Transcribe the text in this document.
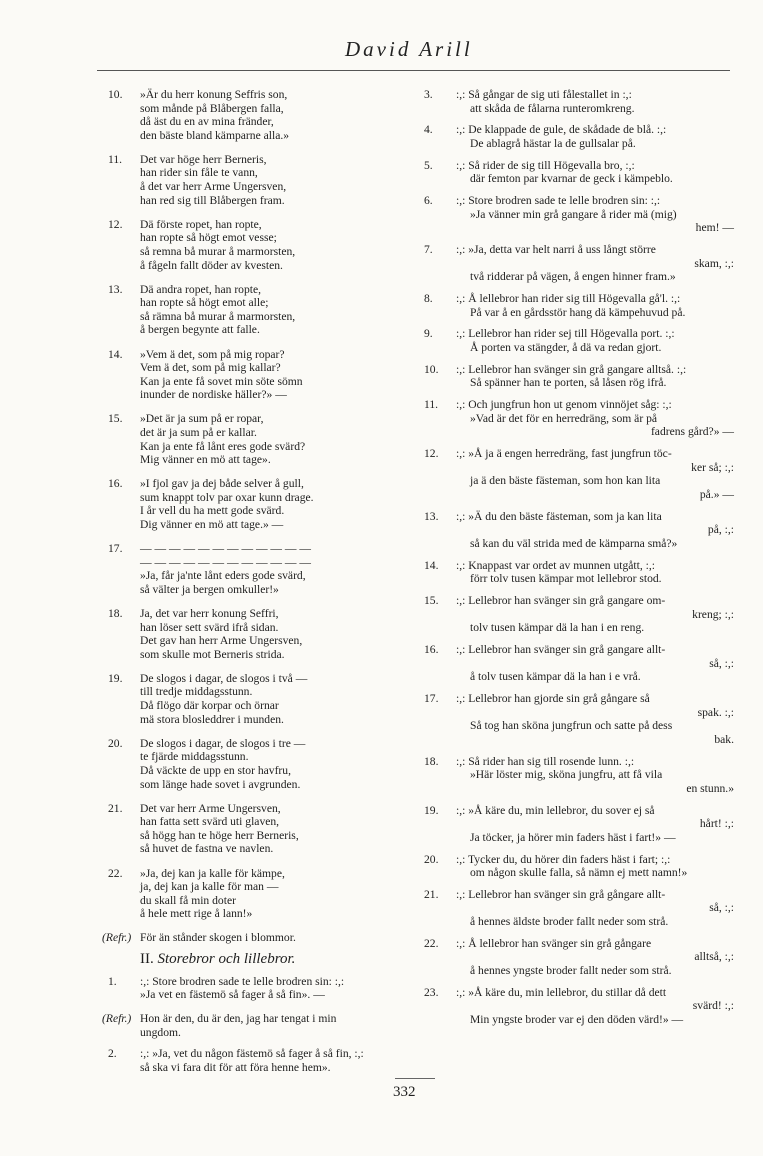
David Arill
10. »Är du herr konung Seffris son,
som månde på Blåbergen falla,
då äst du en av mina fränder,
den bäste bland kämparne alla.»
11. Det var höge herr Berneris,
han rider sin fåle te vann,
å det var herr Arme Ungersven,
han red sig till Blåbergen fram.
12. Dä förste ropet, han ropte,
han ropte så högt emot vesse;
så remna bå murar å marmorsten,
å fågeln fallt döder av kvesten.
13. Dä andra ropet, han ropte,
han ropte så högt emot alle;
så rämna bå murar å marmorsten,
å bergen begynte att falle.
14. »Vem ä det, som på mig ropar?
Vem ä det, som på mig kallar?
Kan ja ente få sovet min söte sömn
inunder de nordiske häller?» —
15. »Det är ja sum på er ropar,
det är ja sum på er kallar.
Kan ja ente få lånt eres gode svärd?
Mig vänner en mö att tage».
16. »I fjol gav ja dej både selver å gull,
sum knappt tolv par oxar kunn drage.
I år vell du ha mett gode svärd.
Dig vänner en mö att tage.» —
17. — — — — — — — — — — — —
— — — — — — — — — — — —
»Ja, får ja'nte lånt eders gode svärd,
så välter ja bergen omkuller!»
18. Ja, det var herr konung Seffri,
han löser sett svärd ifrå sidan.
Det gav han herr Arme Ungersven,
som skulle mot Berneris strida.
19. De slogos i dagar, de slogos i två —
till tredje middagsstunn.
Då flögo där korpar och örnar
mä stora blosleddrer i munden.
20. De slogos i dagar, de slogos i tre —
te fjärde middagsstunn.
Då väckte de upp en stor havfru,
som länge hade sovet i avgrunden.
21. Det var herr Arme Ungersven,
han fatta sett svärd uti glaven,
så högg han te höge herr Berneris,
så huvet de fastna ve navlen.
22. »Ja, dej kan ja kalle för kämpe,
ja, dej kan ja kalle för man —
du skall få min doter
å hele mett rige å lann!»
(Refr.) För än stånder skogen i blommor.
II. Storebror och lillebror.
1. :,: Store brodren sade te lelle brodren sin: :,:
»Ja vet en fästemö så fager å så fin». —
(Refr.) Hon är den, du är den, jag har tengat i min ungdom.
2. :,: »Ja, vet du någon fästemö så fager å så fin, :,:
så ska vi fara dit för att föra henne hem».
3. :,: Så gångar de sig uti fålestallet in :,:
att skåda de fålarna runteromkreng.
4. :,: De klappade de gule, de skådade de blå. :,:
De ablagrå hästar la de gullsalar på.
5. :,: Så rider de sig till Högevalla bro, :,:
där femton par kvarnar de geck i kämpeblo.
6. :,: Store brodren sade te lelle brodren sin: :,:
»Ja vänner min grå gangare å rider mä (mig)
hem! —
7. :,: »Ja, detta var helt narri å uss långt större
skam, :,:
två ridderar på vägen, å engen hinner fram.»
8. :,: Å lellebror han rider sig till Högevalla gå'l. :,:
På var å en gårdsstör hang dä kämpehuvud på.
9. :,: Lellebror han rider sej till Högevalla port. :,:
Å porten va stängder, å dä va redan gjort.
10. :,: Lellebror han svänger sin grå gangare alltså. :,:
Så spänner han te porten, så låsen rög ifrå.
11. :,: Och jungfrun hon ut genom vinnöjet såg: :,:
»Vad är det för en herredräng, som är på
fadrens gård?» —
12. :,: »Å ja ä engen herredräng, fast jungfrun töc-
ker så; :,:
ja ä den bäste fästeman, som hon kan lita
på.» —
13. :,: »Ä du den bäste fästeman, som ja kan lita
på, :,:
så kan du väl strida med de kämparna små?»
14. :,: Knappast var ordet av munnen utgått, :,:
förr tolv tusen kämpar mot lellebror stod.
15. :,: Lellebror han svänger sin grå gangare om-
kreng; :,:
tolv tusen kämpar dä la han i en reng.
16. :,: Lellebror han svänger sin grå gangare allt-
så, :,:
å tolv tusen kämpar dä la han i e vrå.
17. :,: Lellebror han gjorde sin grå gångare så
spak. :,:
Så tog han sköna jungfrun och satte på dess
bak.
18. :,: Så rider han sig till rosende lunn. :,:
»Här löster mig, sköna jungfru, att få vila
en stunn.»
19. :,: »Å käre du, min lellebror, du sover ej så
hårt! :,:
Ja töcker, ja hörer min faders häst i fart!» —
20. :,: Tycker du, du hörer din faders häst i fart; :,:
om någon skulle falla, så nämn ej mett namn!»
21. :,: Lellebror han svänger sin grå gångare allt-
så, :,:
å hennes äldste broder fallt neder som strå.
22. :,: Å lellebror han svänger sin grå gångare
alltså, :,:
å hennes yngste broder fallt neder som strå.
23. :,: »Å käre du, min lellebror, du stillar då dett
svärd! :,:
Min yngste broder var ej den döden värd!» —
332
